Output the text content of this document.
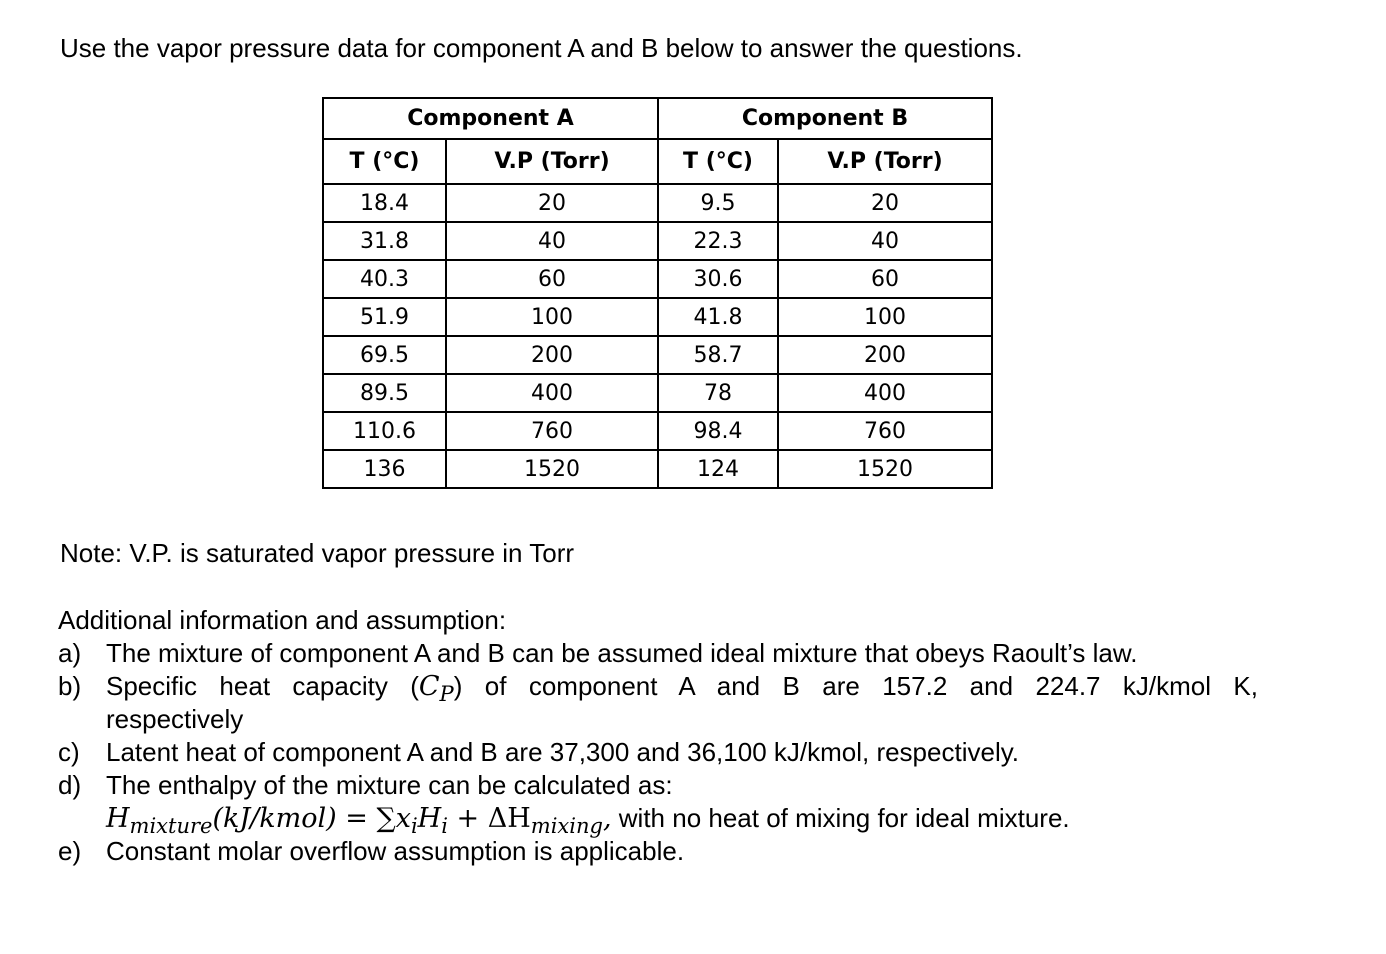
Use the vapor pressure data for component A and B below to answer the questions.
Component A		Component B	
T (°C)	V.P (Torr)	T (°C)	V.P (Torr)
18.4	20	9.5	20
31.8	40	22.3	40
40.3	60	30.6	60
51.9	100	41.8	100
69.5	200	58.7	200
89.5	400	78	400
110.6	760	98.4	760
136	1520	124	1520
Note: V.P. is saturated vapor pressure in Torr
Additional information and assumption:
a) The mixture of component A and B can be assumed ideal mixture that obeys Raoult’s law.
b) Specific heat capacity $(C_P)$ of component A and B are 157.2 and 224.7 kJ/kmol K,
respectively
c)	Latent heat of component A and B are 37,300 and 36,100 kJ/kmol, respectively.
d) The enthalpy of the mixture can be calculated as:
$H_{mixture}(kJ/kmol) = \sum x_iH_i + \Delta H_{mixing}$, with no heat of mixing for ideal mixture.
e) Constant molar overflow assumption is applicable.
